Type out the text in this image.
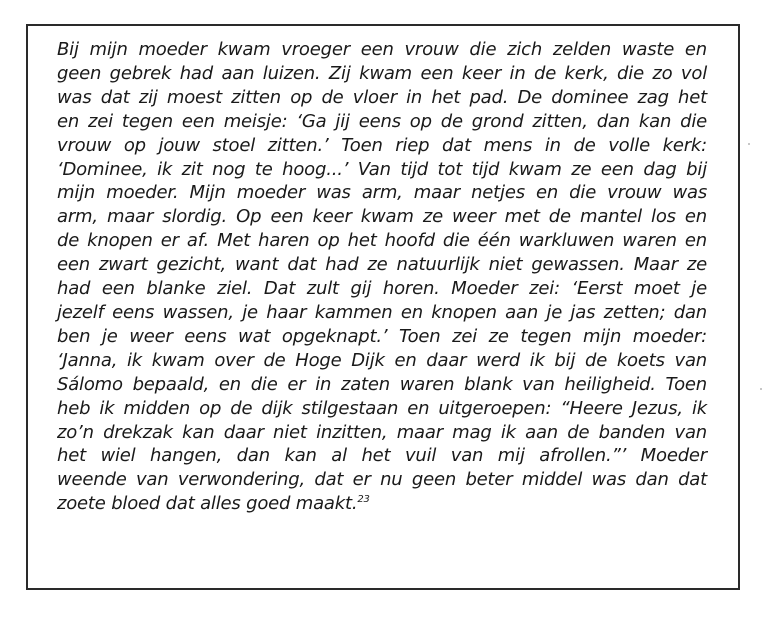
Bij mijn moeder kwam vroeger een vrouw die zich zelden waste en
geen gebrek had aan luizen. Zij kwam een keer in de kerk, die zo vol
was dat zij moest zitten op de vloer in het pad. De dominee zag het
en zei tegen een meisje: ‘Ga jij eens op de grond zitten, dan kan die
vrouw op jouw stoel zitten.’ Toen riep dat mens in de volle kerk:
‘Dominee, ik zit nog te hoog...’ Van tijd tot tijd kwam ze een dag bij
mijn moeder. Mijn moeder was arm, maar netjes en die vrouw was
arm, maar slordig. Op een keer kwam ze weer met de mantel los en
de knopen er af. Met haren op het hoofd die één warkluwen waren en
een zwart gezicht, want dat had ze natuurlijk niet gewassen. Maar ze
had een blanke ziel. Dat zult gij horen. Moeder zei: ‘Eerst moet je
jezelf eens wassen, je haar kammen en knopen aan je jas zetten; dan
ben je weer eens wat opgeknapt.’ Toen zei ze tegen mijn moeder:
‘Janna, ik kwam over de Hoge Dijk en daar werd ik bij de koets van
Sálomo bepaald, en die er in zaten waren blank van heiligheid. Toen
heb ik midden op de dijk stilgestaan en uitgeroepen: “Heere Jezus, ik
zo’n drekzak kan daar niet inzitten, maar mag ik aan de banden van
het wiel hangen, dan kan al het vuil van mij afrollen.”’ Moeder
weende van verwondering, dat er nu geen beter middel was dan dat
zoete bloed dat alles goed maakt.$^{23}$
